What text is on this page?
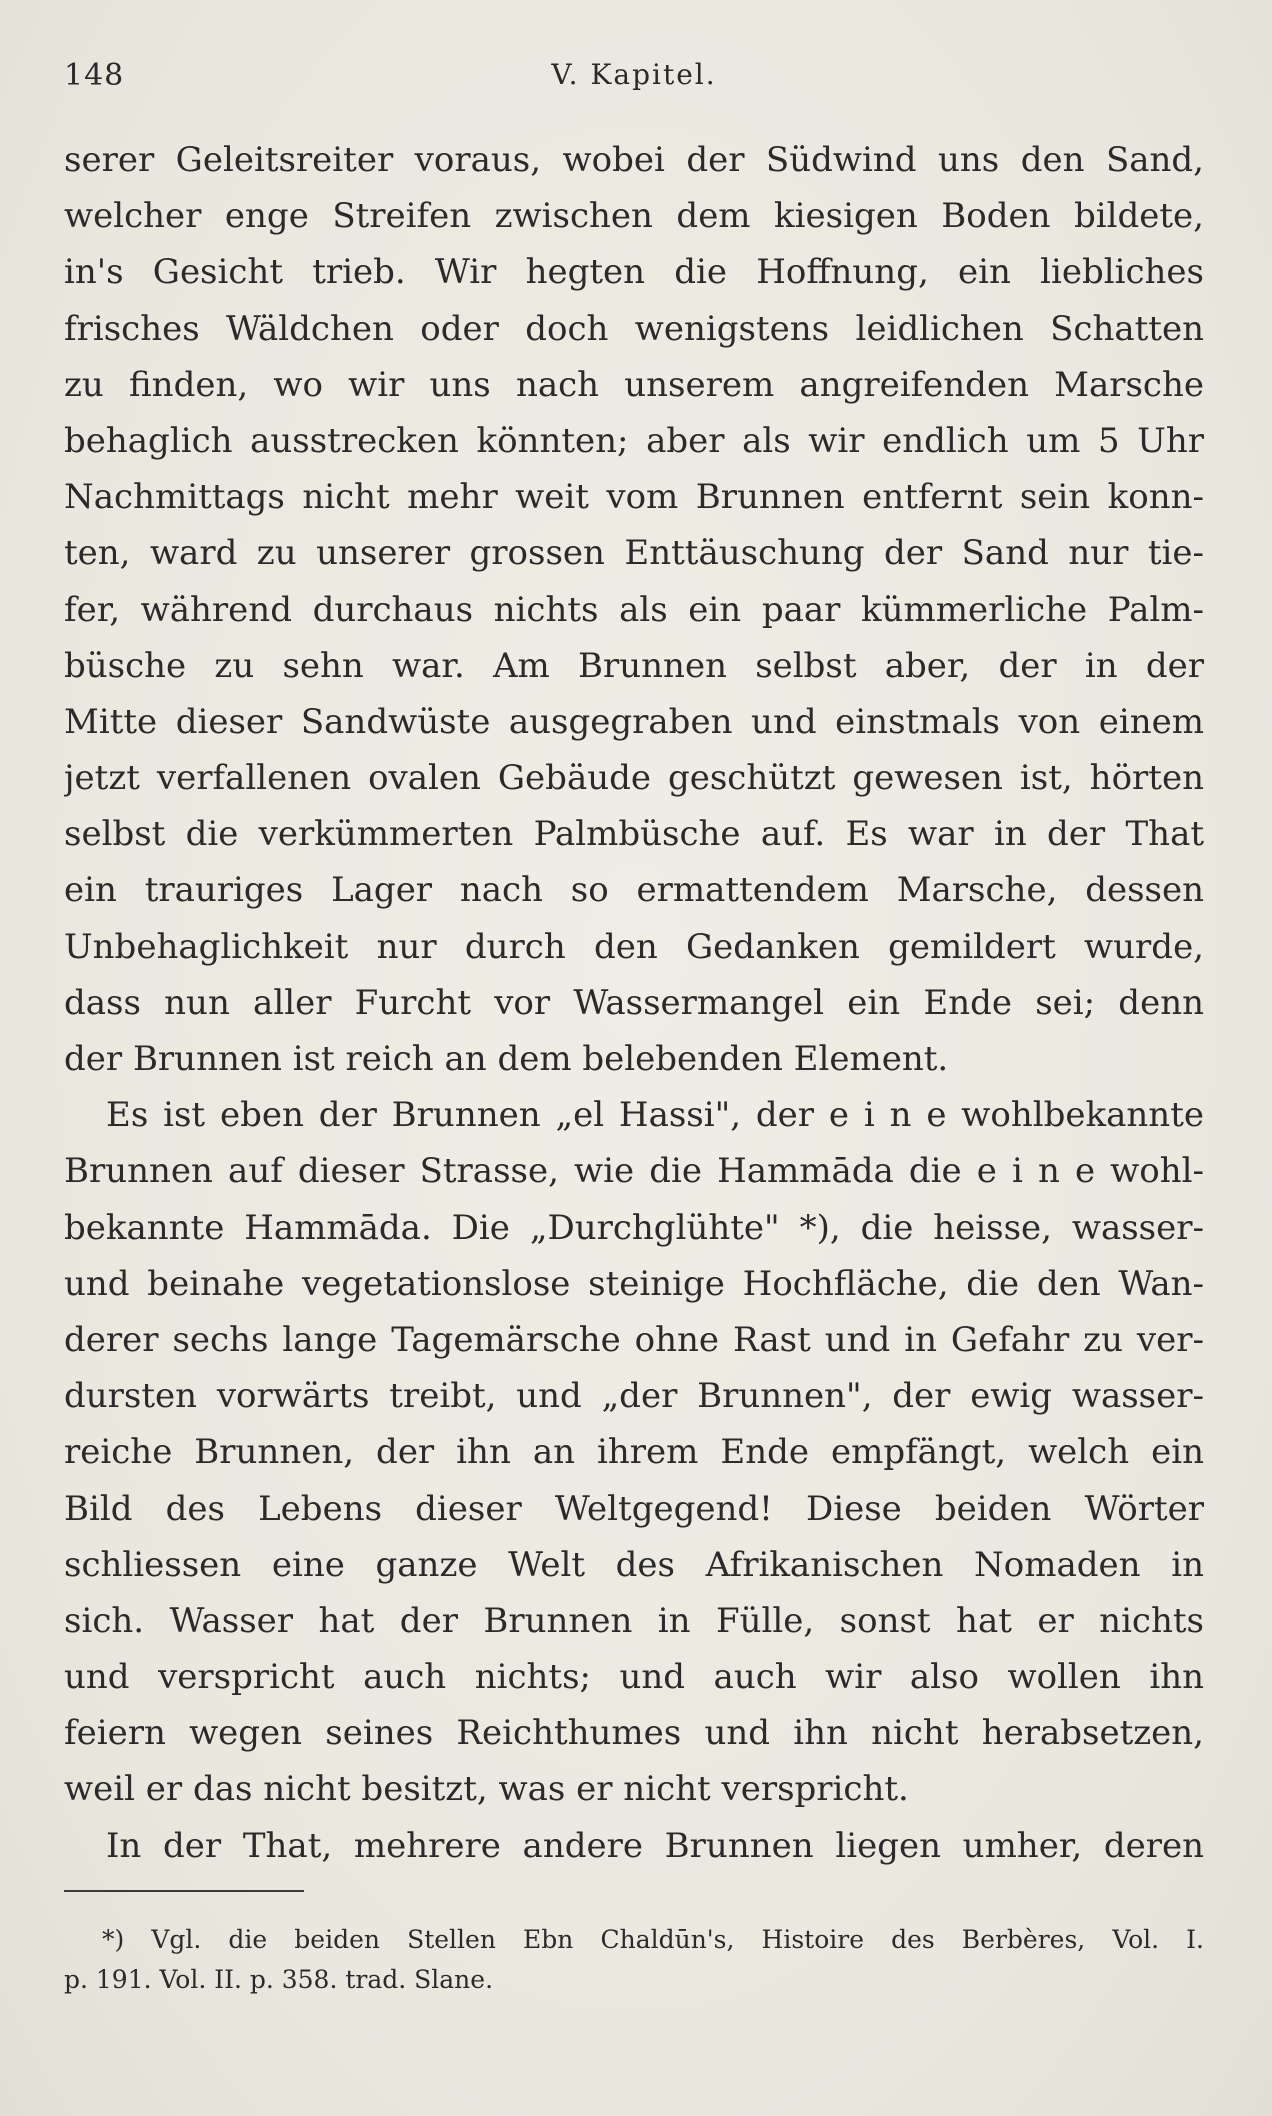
148	V. Kapitel.
serer Geleitsreiter voraus, wobei der Südwind uns den Sand,
welcher enge Streifen zwischen dem kiesigen Boden bildete,
in's Gesicht trieb. Wir hegten die Hoffnung, ein liebliches
frisches Wäldchen oder doch wenigstens leidlichen Schatten
zu finden, wo wir uns nach unserem angreifenden Marsche
behaglich ausstrecken könnten; aber als wir endlich um 5 Uhr
Nachmittags nicht mehr weit vom Brunnen entfernt sein konn-
ten, ward zu unserer grossen Enttäuschung der Sand nur tie-
fer, während durchaus nichts als ein paar kümmerliche Palm-
büsche zu sehn war. Am Brunnen selbst aber, der in der
Mitte dieser Sandwüste ausgegraben und einstmals von einem
jetzt verfallenen ovalen Gebäude geschützt gewesen ist, hörten
selbst die verkümmerten Palmbüsche auf. Es war in der That
ein trauriges Lager nach so ermattendem Marsche, dessen
Unbehaglichkeit nur durch den Gedanken gemildert wurde,
dass nun aller Furcht vor Wassermangel ein Ende sei; denn
der Brunnen ist reich an dem belebenden Element.
Es ist eben der Brunnen „el Hassi", der e i n e wohlbekannte
Brunnen auf dieser Strasse, wie die Hammāda die e i n e wohl-
bekannte Hammāda. Die „Durchglühte" *), die heisse, wasser-
und beinahe vegetationslose steinige Hochfläche, die den Wan-
derer sechs lange Tagemärsche ohne Rast und in Gefahr zu ver-
dursten vorwärts treibt, und „der Brunnen", der ewig wasser-
reiche Brunnen, der ihn an ihrem Ende empfängt, welch ein
Bild des Lebens dieser Weltgegend! Diese beiden Wörter
schliessen eine ganze Welt des Afrikanischen Nomaden in
sich. Wasser hat der Brunnen in Fülle, sonst hat er nichts
und verspricht auch nichts; und auch wir also wollen ihn
feiern wegen seines Reichthumes und ihn nicht herabsetzen,
weil er das nicht besitzt, was er nicht verspricht.
In der That, mehrere andere Brunnen liegen umher, deren
*) Vgl. die beiden Stellen Ebn Chaldūn's, Histoire des Berbères, Vol. I.
p. 191. Vol. II. p. 358. trad. Slane.
